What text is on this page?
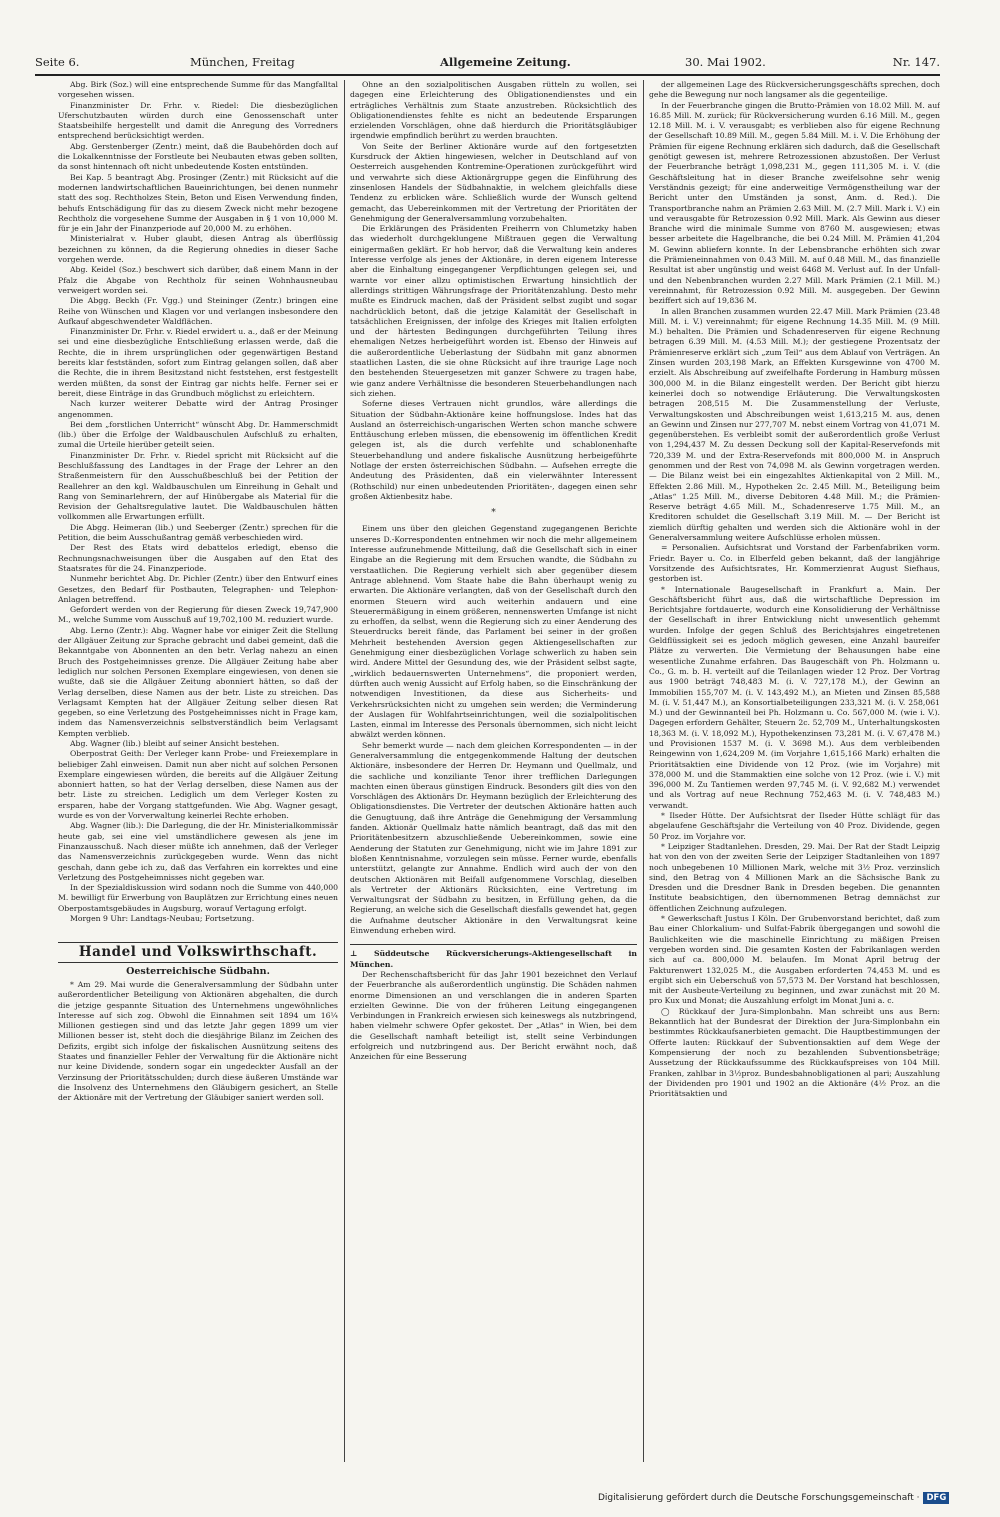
Seite 6.	München, Freitag	Allgemeine Zeitung.	30. Mai 1902.	Nr. 147.

Abg. Birk (Soz.) will eine entsprechende Summe für das Mangfalltal vorgesehen wissen.

Finanzminister Dr. Frhr. v. Riedel: Die diesbezüglichen Uferschutzbauten würden durch eine Genossenschaft unter Staatsbeihilfe hergestellt und damit die Anregung des Vorredners entsprechend berücksichtigt werden.

Abg. Gerstenberger (Zentr.) meint, daß die Baubehörden doch auf die Lokalkenntnisse der Forstleute bei Neubauten etwas geben sollten, da sonst hintennach oft nicht unbedeutende Kosten entstünden.

Bei Kap. 5 beantragt Abg. Prosinger (Zentr.) mit Rücksicht auf die modernen landwirtschaftlichen Baueinrichtungen, bei denen nunmehr statt des sog. Rechtholzes Stein, Beton und Eisen Verwendung finden, behufs Entschädigung für das zu diesem Zweck nicht mehr bezogene Rechtholz die vorgesehene Summe der Ausgaben in § 1 von 10,000 M. für je ein Jahr der Finanzperiode auf 20,000 M. zu erhöhen.

Ministerialrat v. Huber glaubt, diesen Antrag als überflüssig bezeichnen zu können, da die Regierung ohnedies in dieser Sache vorgehen werde.

Abg. Keidel (Soz.) beschwert sich darüber, daß einem Mann in der Pfalz die Abgabe von Rechtholz für seinen Wohnhausneubau verweigert worden sei.

Die Abgg. Beckh (Fr. Vgg.) und Steininger (Zentr.) bringen eine Reihe von Wünschen und Klagen vor und verlangen insbesondere den Aufkauf abgeschwendeter Waldflächen.

Finanzminister Dr. Frhr. v. Riedel erwidert u. a., daß er der Meinung sei und eine diesbezügliche Entschließung erlassen werde, daß die Rechte, die in ihrem ursprünglichen oder gegenwärtigen Bestand bereits klar festständen, sofort zum Eintrag gelangen sollen, daß aber die Rechte, die in ihrem Besitzstand nicht feststehen, erst festgestellt werden müßten, da sonst der Eintrag gar nichts helfe. Ferner sei er bereit, diese Einträge in das Grundbuch möglichst zu erleichtern.

Nach kurzer weiterer Debatte wird der Antrag Prosinger angenommen.

Bei dem „forstlichen Unterricht“ wünscht Abg. Dr. Hammerschmidt (lib.) über die Erfolge der Waldbauschulen Aufschluß zu erhalten, zumal die Urteile hierüber geteilt seien.

Finanzminister Dr. Frhr. v. Riedel spricht mit Rücksicht auf die Beschlußfassung des Landtages in der Frage der Lehrer an den Straßenmeistern für den Ausschußbeschluß bei der Petition der Reallehrer an den kgl. Waldbauschulen um Einreihung in Gehalt und Rang von Seminarlehrern, der auf Hinübergabe als Material für die Revision der Gehaltsregulative lautet. Die Waldbauschulen hätten vollkommen alle Erwartungen erfüllt.

Die Abgg. Heimeran (lib.) und Seeberger (Zentr.) sprechen für die Petition, die beim Ausschußantrag gemäß verbeschieden wird.

Der Rest des Etats wird debattelos erledigt, ebenso die Rechnungsnachweisungen über die Ausgaben auf den Etat des Staatsrates für die 24. Finanzperiode.

Nunmehr berichtet Abg. Dr. Pichler (Zentr.) über den Entwurf eines Gesetzes, den Bedarf für Postbauten, Telegraphen- und Telephon-Anlagen betreffend.

Gefordert werden von der Regierung für diesen Zweck 19,747,900 M., welche Summe vom Ausschuß auf 19,702,100 M. reduziert wurde.

Abg. Lerno (Zentr.): Abg. Wagner habe vor einiger Zeit die Stellung der Allgäuer Zeitung zur Sprache gebracht und dabei gemeint, daß die Bekanntgabe von Abonnenten an den betr. Verlag nahezu an einen Bruch des Postgeheimnisses grenze. Die Allgäuer Zeitung habe aber lediglich nur solchen Personen Exemplare eingewiesen, von denen sie wußte, daß sie die Allgäuer Zeitung abonniert hätten, so daß der Verlag derselben, diese Namen aus der betr. Liste zu streichen. Das Verlagsamt Kempten hat der Allgäuer Zeitung selber diesen Rat gegeben, so eine Verletzung des Postgeheimnisses nicht in Frage kam, indem das Namensverzeichnis selbstverständlich beim Verlagsamt Kempten verblieb.

Abg. Wagner (lib.) bleibt auf seiner Ansicht bestehen.

Oberpostrat Geith: Der Verleger kann Probe- und Freiexemplare in beliebiger Zahl einweisen. Damit nun aber nicht auf solchen Personen Exemplare eingewiesen würden, die bereits auf die Allgäuer Zeitung abonniert hatten, so hat der Verlag derselben, diese Namen aus der betr. Liste zu streichen. Lediglich um dem Verleger Kosten zu ersparen, habe der Vorgang stattgefunden. Wie Abg. Wagner gesagt, wurde es von der Vorverwaltung keinerlei Rechte erhoben.

Abg. Wagner (lib.): Die Darlegung, die der Hr. Ministerialkommissär heute gab, sei eine viel umständlichere gewesen als jene im Finanzausschuß. Nach dieser müßte ich annehmen, daß der Verleger das Namensverzeichnis zurückgegeben wurde. Wenn das nicht geschah, dann gebe ich zu, daß das Verfahren ein korrektes und eine Verletzung des Postgeheimnisses nicht gegeben war.

In der Spezialdiskussion wird sodann noch die Summe von 440,000 M. bewilligt für Erwerbung von Bauplätzen zur Errichtung eines neuen Oberpostamtsgebäudes in Augsburg, worauf Vertagung erfolgt.

Morgen 9 Uhr: Landtags-Neubau; Fortsetzung.

Handel und Volkswirthschaft.
Oesterreichische Südbahn.

* Am 29. Mai wurde die Generalversammlung der Südbahn unter außerordentlicher Beteiligung von Aktionären abgehalten, die durch die jetzige gespannte Situation des Unternehmens ungewöhnliches Interesse auf sich zog. Obwohl die Einnahmen seit 1894 um 16¼ Millionen gestiegen sind und das letzte Jahr gegen 1899 um vier Millionen besser ist, steht doch die diesjährige Bilanz im Zeichen des Defizits, ergibt sich infolge der fiskalischen Ausnützung seitens des Staates und finanzieller Fehler der Verwaltung für die Aktionäre nicht nur keine Dividende, sondern sogar ein ungedeckter Ausfall an der Verzinsung der Prioritätsschulden; durch diese äußeren Umstände war die Insolvenz des Unternehmens den Gläubigern gesichert, an Stelle der Aktionäre mit der Vertretung der Gläubiger saniert werden soll.

Ohne an den sozialpolitischen Ausgaben rütteln zu wollen, sei dagegen eine Erleichterung des Obligationendienstes und ein erträgliches Verhältnis zum Staate anzustreben. Rücksichtlich des Obligationendienstes fehlte es nicht an bedeutende Ersparungen erzielenden Vorschlägen, ohne daß hierdurch die Prioritätsgläubiger irgendwie empfindlich berührt zu werden brauchten.

Von Seite der Berliner Aktionäre wurde auf den fortgesetzten Kursdruck der Aktien hingewiesen, welcher in Deutschland auf von Oesterreich ausgehenden Kontremine-Operationen zurückgeführt wird und verwahrte sich diese Aktionärgruppe gegen die Einführung des zinsenlosen Handels der Südbahnaktie, in welchem gleichfalls diese Tendenz zu erblicken wäre. Schließlich wurde der Wunsch geltend gemacht, das Uebereinkommen mit der Vertretung der Prioritäten der Genehmigung der Generalversammlung vorzubehalten.

Die Erklärungen des Präsidenten Freiherrn von Chlumetzky haben das wiederholt durchgeklungene Mißtrauen gegen die Verwaltung einigermaßen geklärt. Er hob hervor, daß die Verwaltung kein anderes Interesse verfolge als jenes der Aktionäre, in deren eigenem Interesse aber die Einhaltung eingegangener Verpflichtungen gelegen sei, und warnte vor einer allzu optimistischen Erwartung hinsichtlich der allerdings strittigen Währungsfrage der Prioritätenzahlung. Desto mehr mußte es Eindruck machen, daß der Präsident selbst zugibt und sogar nachdrücklich betont, daß die jetzige Kalamität der Gesellschaft in tatsächlichen Ereignissen, der infolge des Krieges mit Italien erfolgten und der härtesten Bedingungen durchgeführten Teilung ihres ehemaligen Netzes herbeigeführt worden ist. Ebenso der Hinweis auf die außerordentliche Ueberlastung der Südbahn mit ganz abnormen staatlichen Lasten, die sie ohne Rücksicht auf ihre traurige Lage noch den bestehenden Steuergesetzen mit ganzer Schwere zu tragen habe, wie ganz andere Verhältnisse die besonderen Steuerbehandlungen nach sich ziehen.

Soferne dieses Vertrauen nicht grundlos, wäre allerdings die Situation der Südbahn-Aktionäre keine hoffnungslose. Indes hat das Ausland an österreichisch-ungarischen Werten schon manche schwere Enttäuschung erleben müssen, die ebensowenig im öffentlichen Kredit gelegen ist, als die durch verfehlte und schablonenhafte Steuerbehandlung und andere fiskalische Ausnützung herbeigeführte Notlage der ersten österreichischen Südbahn. — Aufsehen erregte die Andeutung des Präsidenten, daß ein vielerwähnter Interessent (Rothschild) nur einen unbedeutenden Prioritäten-, dagegen einen sehr großen Aktienbesitz habe.

*

Einem uns über den gleichen Gegenstand zugegangenen Berichte unseres D.-Korrespondenten entnehmen wir noch die mehr allgemeinem Interesse aufzunehmende Mitteilung, daß die Gesellschaft sich in einer Eingabe an die Regierung mit dem Ersuchen wandte, die Südbahn zu verstaatlichen. Die Regierung verhielt sich aber gegenüber diesem Antrage ablehnend. Vom Staate habe die Bahn überhaupt wenig zu erwarten. Die Aktionäre verlangten, daß von der Gesellschaft durch den enormen Steuern wird auch weiterhin andauern und eine Steuerermäßigung in einem größeren, nennenswerten Umfange ist nicht zu erhoffen, da selbst, wenn die Regierung sich zu einer Aenderung des Steuerdrucks bereit fände, das Parlament bei seiner in der großen Mehrheit bestehenden Aversion gegen Aktiengesellschaften zur Genehmigung einer diesbezüglichen Vorlage schwerlich zu haben sein wird. Andere Mittel der Gesundung des, wie der Präsident selbst sagte, „wirklich bedauernswerten Unternehmens“, die proponiert werden, dürften auch wenig Aussicht auf Erfolg haben, so die Einschränkung der notwendigen Investitionen, da diese aus Sicherheits- und Verkehrsrücksichten nicht zu umgehen sein werden; die Verminderung der Auslagen für Wohlfahrtseinrichtungen, weil die sozialpolitischen Lasten, einmal im Interesse des Personals übernommen, sich nicht leicht abwälzt werden können.

Sehr bemerkt wurde — nach dem gleichen Korrespondenten — in der Generalversammlung die entgegenkommende Haltung der deutschen Aktionäre, insbesondere der Herren Dr. Heymann und Quellmalz, und die sachliche und konziliante Tenor ihrer trefflichen Darlegungen machten einen überaus günstigen Eindruck. Besonders gilt dies von den Vorschlägen des Aktionärs Dr. Heymann bezüglich der Erleichterung des Obligationsdienstes. Die Vertreter der deutschen Aktionäre hatten auch die Genugtuung, daß ihre Anträge die Genehmigung der Versammlung fanden. Aktionär Quellmalz hatte nämlich beantragt, daß das mit den Prioritätenbesitzern abzuschließende Uebereinkommen, sowie eine Aenderung der Statuten zur Genehmigung, nicht wie im Jahre 1891 zur bloßen Kenntnisnahme, vorzulegen sein müsse. Ferner wurde, ebenfalls unterstützt, gelangte zur Annahme. Endlich wird auch der von den deutschen Aktionären mit Beifall aufgenommene Vorschlag, dieselben als Vertreter der Aktionärs Rücksichten, eine Vertretung im Verwaltungsrat der Südbahn zu besitzen, in Erfüllung gehen, da die Regierung, an welche sich die Gesellschaft diesfalls gewendet hat, gegen die Aufnahme deutscher Aktionäre in den Verwaltungsrat keine Einwendung erheben wird.

⊥ Süddeutsche Rückversicherungs-Aktiengesellschaft in München.

Der Rechenschaftsbericht für das Jahr 1901 bezeichnet den Verlauf der Feuerbranche als außerordentlich ungünstig. Die Schäden nahmen enorme Dimensionen an und verschlangen die in anderen Sparten erzielten Gewinne. Die von der früheren Leitung eingegangenen Verbindungen in Frankreich erwiesen sich keineswegs als nutzbringend, haben vielmehr schwere Opfer gekostet. Der „Atlas“ in Wien, bei dem die Gesellschaft namhaft beteiligt ist, stellt seine Verbindungen erfolgreich und nutzbringend aus. Der Bericht erwähnt noch, daß Anzeichen für eine Besserung

der allgemeinen Lage des Rückversicherungsgeschäfts sprechen, doch gehe die Bewegung nur noch langsamer als die gegenteilige.

In der Feuerbranche gingen die Brutto-Prämien von 18.02 Mill. M. auf 16.85 Mill. M. zurück; für Rückversicherung wurden 6.16 Mill. M., gegen 12.18 Mill. M. i. V. verausgabt; es verblieben also für eigene Rechnung der Gesellschaft 10.89 Mill. M., gegen 5.84 Mill. M. i. V. Die Erhöhung der Prämien für eigene Rechnung erklären sich dadurch, daß die Gesellschaft genötigt gewesen ist, mehrere Retrozessionen abzustoßen. Der Verlust der Feuerbranche beträgt 1,098,231 M., gegen 111,305 M. i. V. (die Geschäftsleitung hat in dieser Branche zweifelsohne sehr wenig Verständnis gezeigt; für eine anderweitige Vermögenstheilung war der Bericht unter den Umständen ja sonst, Anm. d. Red.). Die Transportbranche nahm an Prämien 2.63 Mill. M. (2.7 Mill. Mark i. V.) ein und verausgabte für Retrozession 0.92 Mill. Mark. Als Gewinn aus dieser Branche wird die minimale Summe von 8760 M. ausgewiesen; etwas besser arbeitete die Hagelbranche, die bei 0.24 Mill. M. Prämien 41,204 M. Gewinn abliefern konnte. In der Lebensbranche erhöhten sich zwar die Prämieneinnahmen von 0.43 Mill. M. auf 0.48 Mill. M., das finanzielle Resultat ist aber ungünstig und weist 6468 M. Verlust auf. In der Unfall- und den Nebenbranchen wurden 2.27 Mill. Mark Prämien (2.1 Mill. M.) vereinnahmt, für Retrozession 0.92 Mill. M. ausgegeben. Der Gewinn beziffert sich auf 19,836 M.

In allen Branchen zusammen wurden 22.47 Mill. Mark Prämien (23.48 Mill. M. i. V.) vereinnahmt; für eigene Rechnung 14.35 Mill. M. (9 Mill. M.) behalten. Die Prämien und Schadenreserven für eigene Rechnung betragen 6.39 Mill. M. (4.53 Mill. M.); der gestiegene Prozentsatz der Prämienreserve erklärt sich „zum Teil“ aus dem Ablauf von Verträgen. An Zinsen wurden 203,198 Mark, an Effekten Kursgewinne von 4700 M. erzielt. Als Abschreibung auf zweifelhafte Forderung in Hamburg müssen 300,000 M. in die Bilanz eingestellt werden. Der Bericht gibt hierzu keinerlei doch so notwendige Erläuterung. Die Verwaltungskosten betragen 208,515 M. Die Zusammenstellung der Verluste, Verwaltungskosten und Abschreibungen weist 1,613,215 M. aus, denen an Gewinn und Zinsen nur 277,707 M. nebst einem Vortrag von 41,071 M. gegenüberstehen. Es verbleibt somit der außerordentlich große Verlust von 1,294,437 M. Zu dessen Deckung soll der Kapital-Reservefonds mit 720,339 M. und der Extra-Reservefonds mit 800,000 M. in Anspruch genommen und der Rest von 74,098 M. als Gewinn vorgetragen werden. — Die Bilanz weist bei ein eingezahltes Aktienkapital von 2 Mill. M., Effekten 2.86 Mill. M., Hypotheken 2c. 2.45 Mill. M., Beteiligung beim „Atlas“ 1.25 Mill. M., diverse Debitoren 4.48 Mill. M.; die Prämien-Reserve beträgt 4.65 Mill. M., Schadenreserve 1.75 Mill. M., an Kreditoren schuldet die Gesellschaft 3.19 Mill. M. — Der Bericht ist ziemlich dürftig gehalten und werden sich die Aktionäre wohl in der Generalversammlung weitere Aufschlüsse erholen müssen.

= Personalien. Aufsichtsrat und Vorstand der Farbenfabriken vorm. Friedr. Bayer u. Co. in Elberfeld geben bekannt, daß der langjährige Vorsitzende des Aufsichtsrates, Hr. Kommerzienrat August Siefhaus, gestorben ist.

* Internationale Baugesellschaft in Frankfurt a. Main. Der Geschäftsbericht führt aus, daß die wirtschaftliche Depression im Berichtsjahre fortdauerte, wodurch eine Konsolidierung der Verhältnisse der Gesellschaft in ihrer Entwicklung nicht unwesentlich gehemmt wurden. Infolge der gegen Schluß des Berichtsjahres eingetretenen Geldflüssigkeit sei es jedoch möglich gewesen, eine Anzahl baureifer Plätze zu verwerten. Die Vermietung der Behausungen habe eine wesentliche Zunahme erfahren. Das Baugeschäft von Ph. Holzmann u. Co., G. m. b. H. verteilt auf die Teilanlagen wieder 12 Proz. Der Vortrag aus 1900 beträgt 748,483 M. (i. V. 727,178 M.), der Gewinn an Immobilien 155,707 M. (i. V. 143,492 M.), an Mieten und Zinsen 85,588 M. (i. V. 51,447 M.), an Konsortialbeteiligungen 233,321 M. (i. V. 258,061 M.) und der Gewinnanteil bei Ph. Holzmann u. Co. 567,000 M. (wie i. V.). Dagegen erfordern Gehälter, Steuern 2c. 52,709 M., Unterhaltungskosten 18,363 M. (i. V. 18,092 M.), Hypothekenzinsen 73,281 M. (i. V. 67,478 M.) und Provisionen 1537 M. (i. V. 3698 M.). Aus dem verbleibenden Reingewinn von 1,624,209 M. (im Vorjahre 1,615,166 Mark) erhalten die Prioritätsaktien eine Dividende von 12 Proz. (wie im Vorjahre) mit 378,000 M. und die Stammaktien eine solche von 12 Proz. (wie i. V.) mit 396,000 M. Zu Tantiemen werden 97,745 M. (i. V. 92,682 M.) verwendet und als Vortrag auf neue Rechnung 752,463 M. (i. V. 748,483 M.) verwandt.

* Ilseder Hütte. Der Aufsichtsrat der Ilseder Hütte schlägt für das abgelaufene Geschäftsjahr die Verteilung von 40 Proz. Dividende, gegen 50 Proz. im Vorjahre vor.

* Leipziger Stadtanlehen. Dresden, 29. Mai. Der Rat der Stadt Leipzig hat von den von der zweiten Serie der Leipziger Stadtanleihen von 1897 noch unbegebenen 10 Millionen Mark, welche mit 3½ Proz. verzinslich sind, den Betrag von 4 Millionen Mark an die Sächsische Bank zu Dresden und die Dresdner Bank in Dresden begeben. Die genannten Institute beabsichtigen, den übernommenen Betrag demnächst zur öffentlichen Zeichnung aufzulegen.

* Gewerkschaft Justus I Köln. Der Grubenvorstand berichtet, daß zum Bau einer Chlorkalium- und Sulfat-Fabrik übergegangen und sowohl die Baulichkeiten wie die maschinelle Einrichtung zu mäßigen Preisen vergeben worden sind. Die gesamten Kosten der Fabrikanlagen werden sich auf ca. 800,000 M. belaufen. Im Monat April betrug der Fakturenwert 132,025 M., die Ausgaben erforderten 74,453 M. und es ergibt sich ein Ueberschuß von 57,573 M. Der Vorstand hat beschlossen, mit der Ausbeute-Verteilung zu beginnen, und zwar zunächst mit 20 M. pro Kux und Monat; die Auszahlung erfolgt im Monat Juni a. c.

◯ Rückkauf der Jura-Simplonbahn. Man schreibt uns aus Bern: Bekanntlich hat der Bundesrat der Direktion der Jura-Simplonbahn ein bestimmtes Rückkaufsanerbieten gemacht. Die Hauptbestimmungen der Offerte lauten: Rückkauf der Subventionsaktien auf dem Wege der Kompensierung der noch zu bezahlenden Subventionsbeträge; Aussetzung der Rückkaufssumme des Rückkaufspreises von 104 Mill. Franken, zahlbar in 3½proz. Bundesbahnobligationen al pari; Auszahlung der Dividenden pro 1901 und 1902 an die Aktionäre (4½ Proz. an die Prioritätsaktien und

Digitalisierung gefördert durch die Deutsche Forschungsgemeinschaft · DFG
